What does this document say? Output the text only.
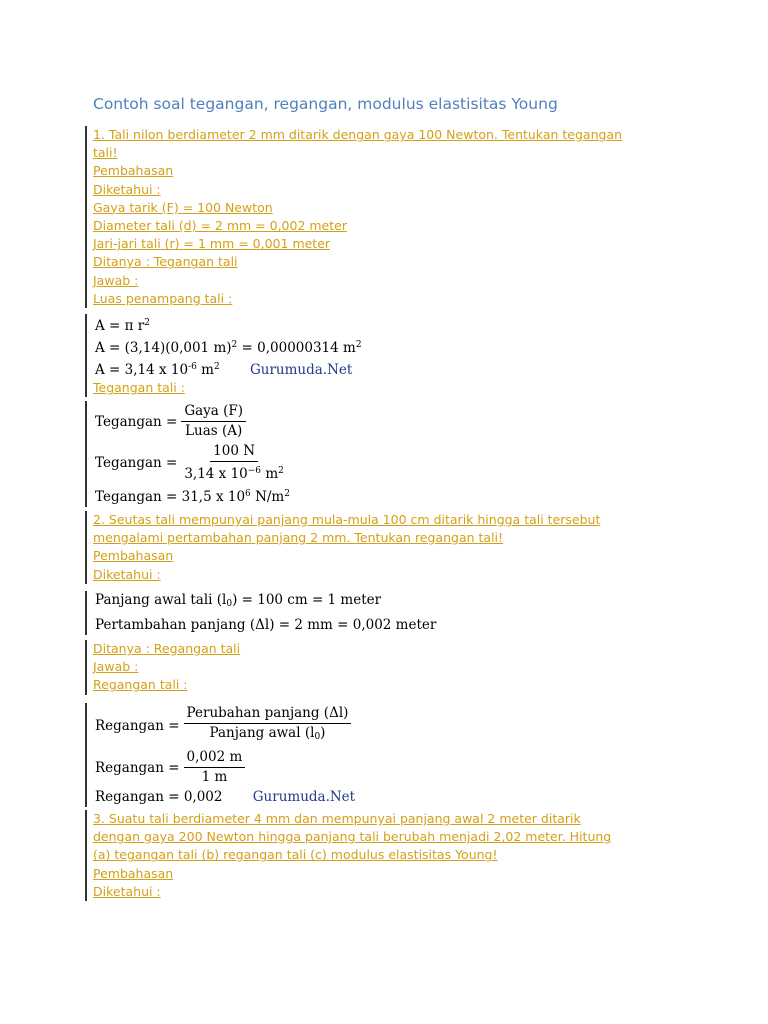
Contoh soal tegangan, regangan, modulus elastisitas Young
1. Tali nilon berdiameter 2 mm ditarik dengan gaya 100 Newton. Tentukan tegangan
tali!
Pembahasan
Diketahui :
Gaya tarik (F) = 100 Newton
Diameter tali (d) = 2 mm = 0,002 meter
Jari-jari tali (r) = 1 mm = 0,001 meter
Ditanya : Tegangan tali
Jawab :
Luas penampang tali :
A = π $r^2$
A = (3,14)(0,001 m)$^2$ = 0,00000314 $m^2$
A = 3,14 x $10^{-6}$ $m^2$ Gurumuda.Net
Tegangan tali :
Tegangan = $\frac{\text{Gaya (F)}}{\text{Luas (A)}}$
Tegangan = $\frac{100 N}{3,14 x 10^{-6} m^2}$
Tegangan = 31,5 x $10^6$ $N/m^2$
2. Seutas tali mempunyai panjang mula-mula 100 cm ditarik hingga tali tersebut
mengalami pertambahan panjang 2 mm. Tentukan regangan tali!
Pembahasan
Diketahui :
Panjang awal tali $(l_0) = 100$ cm = 1 meter
Pertambahan panjang (Δl) = 2 mm = 0,002 meter
Ditanya : Regangan tali
Jawab :
Regangan tali :
Regangan = $\frac{\text{Perubahan panjang (Δl)}}{Panjang awal (l_0)}$
Regangan = $\frac{0,002 m}{1 m}$
Regangan = 0,002 Gurumuda.Net
3. Suatu tali berdiameter 4 mm dan mempunyai panjang awal 2 meter ditarik
dengan gaya 200 Newton hingga panjang tali berubah menjadi 2,02 meter. Hitung
(a) tegangan tali (b) regangan tali (c) modulus elastisitas Young!
Pembahasan
Diketahui :
